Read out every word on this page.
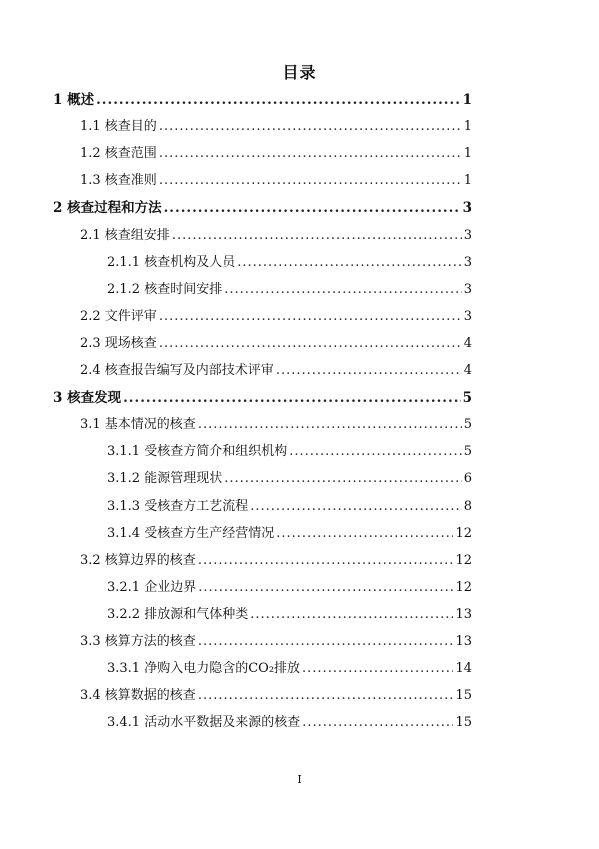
目录
1 概述 .....	1
1.1 核查目的 .....	1
1.2 核查范围 .....	1
1.3 核查准则 .....	1
2 核查过程和方法 .....	3
2.1 核查组安排 .....	3
2.1.1 核查机构及人员 .....	3
2.1.2 核查时间安排 .....	3
2.2 文件评审 .....	3
2.3 现场核查 .....	4
2.4 核查报告编写及内部技术评审 .....	4
3 核查发现 .....	5
3.1 基本情况的核查 .....	5
3.1.1 受核查方简介和组织机构 .....	5
3.1.2 能源管理现状 .....	6
3.1.3 受核查方工艺流程 .....	8
3.1.4 受核查方生产经营情况 .....	12
3.2 核算边界的核查 .....	12
3.2.1 企业边界 .....	12
3.2.2 排放源和气体种类 .....	13
3.3 核算方法的核查 .....	13
3.3.1 净购入电力隐含的CO₂排放 .....	14
3.4 核算数据的核查 .....	15
3.4.1 活动水平数据及来源的核查 .....	15
I
